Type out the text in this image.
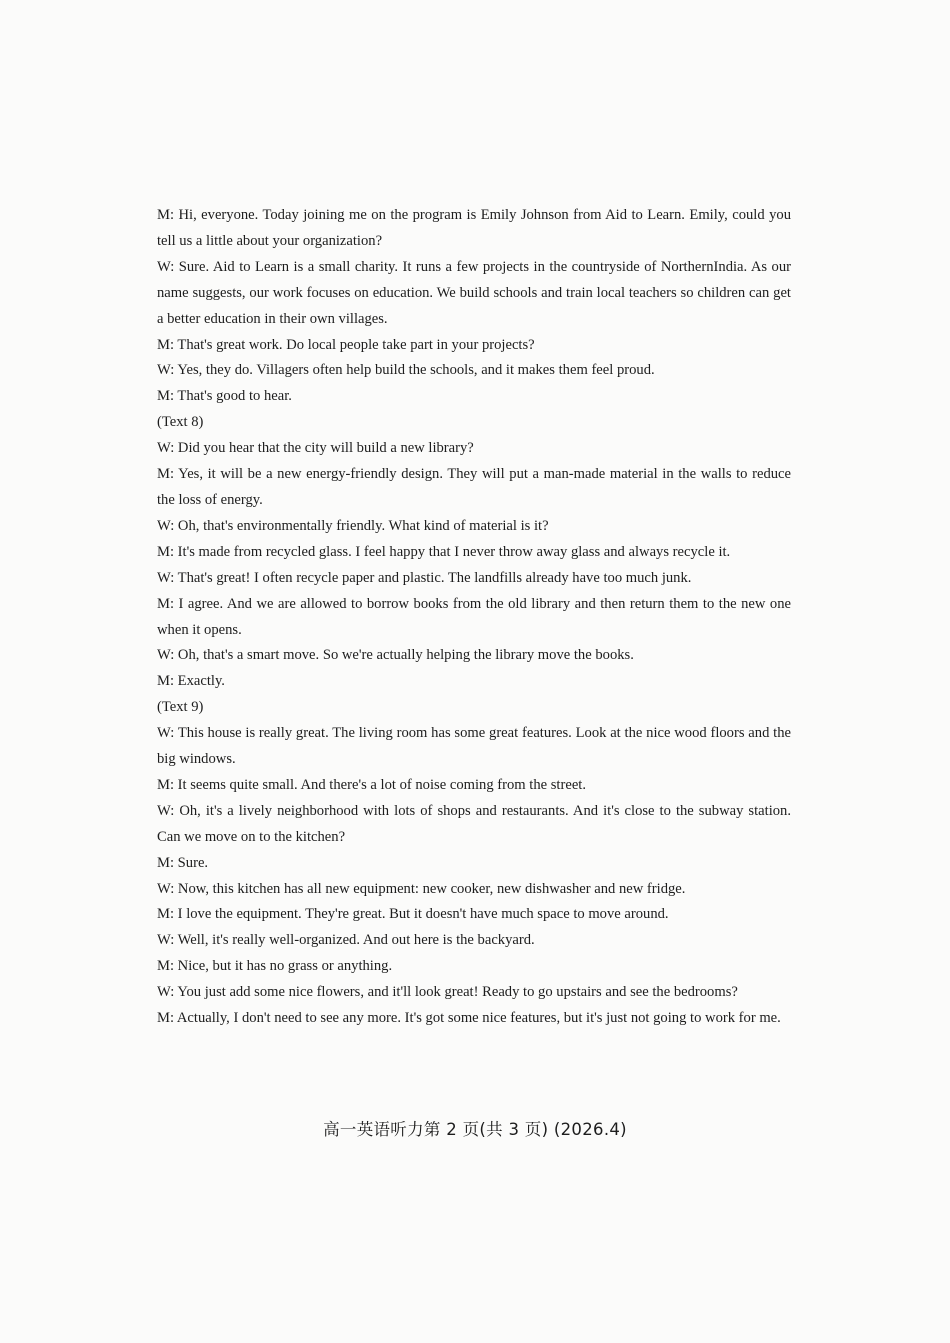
M: Hi, everyone. Today joining me on the program is Emily Johnson from Aid to Learn. Emily, could you tell us a little about your organization?

W: Sure. Aid to Learn is a small charity. It runs a few projects in the countryside of NorthernIndia. As our name suggests, our work focuses on education. We build schools and train local teachers so children can get a better education in their own villages.

M: That's great work. Do local people take part in your projects?

W: Yes, they do. Villagers often help build the schools, and it makes them feel proud.

M: That's good to hear.

(Text 8)

W: Did you hear that the city will build a new library?

M: Yes, it will be a new energy-friendly design. They will put a man-made material in the walls to reduce the loss of energy.

W: Oh, that's environmentally friendly. What kind of material is it?

M: It's made from recycled glass. I feel happy that I never throw away glass and always recycle it.

W: That's great! I often recycle paper and plastic. The landfills already have too much junk.

M: I agree. And we are allowed to borrow books from the old library and then return them to the new one when it opens.

W: Oh, that's a smart move. So we're actually helping the library move the books.

M: Exactly.

(Text 9)

W: This house is really great. The living room has some great features. Look at the nice wood floors and the big windows.

M: It seems quite small. And there's a lot of noise coming from the street.

W: Oh, it's a lively neighborhood with lots of shops and restaurants. And it's close to the subway station. Can we move on to the kitchen?

M: Sure.

W: Now, this kitchen has all new equipment: new cooker, new dishwasher and new fridge.

M: I love the equipment. They're great. But it doesn't have much space to move around.

W: Well, it's really well-organized. And out here is the backyard.

M: Nice, but it has no grass or anything.

W: You just add some nice flowers, and it'll look great! Ready to go upstairs and see the bedrooms?

M: Actually, I don't need to see any more. It's got some nice features, but it's just not going to work for me.

高一英语听力第 2 页(共 3 页) (2026.4)
